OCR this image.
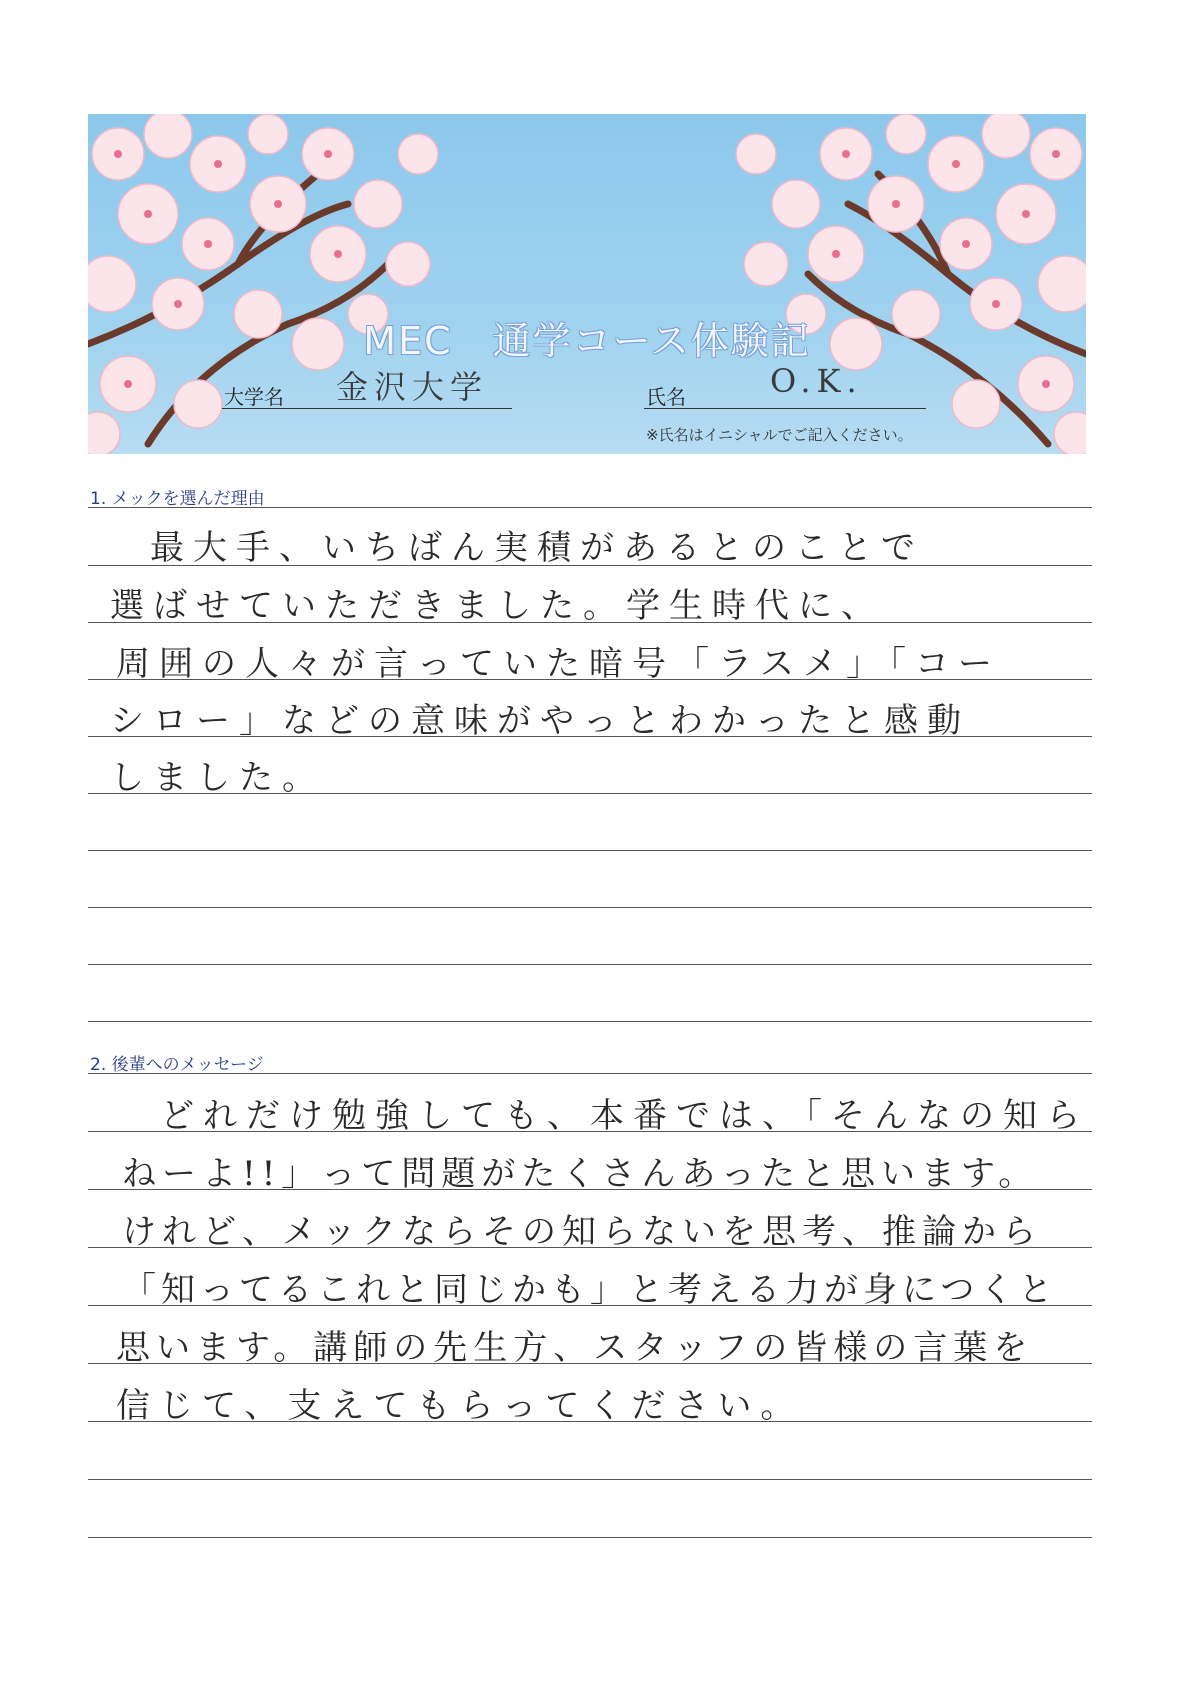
MEC　通学コース体験記
大学名 金沢大学	氏名	O.K.
※氏名はイニシャルでご記入ください。
1. メックを選んだ理由
最大手、いちばん実積があるとのことで
選ばせていただきました。学生時代に、
周囲の人々が言っていた暗号「ラスメ」「コー
シロー」などの意味がやっとわかったと感動
しました。
2. 後輩へのメッセージ
どれだけ勉強しても、本番では、「そんなの知ら
ねーよ!!」って問題がたくさんあったと思います。
けれど、メックならその知らないを思考、推論から
「知ってるこれと同じかも」と考える力が身につくと
思います。講師の先生方、スタッフの皆様の言葉を
信じて、支えてもらってください。
